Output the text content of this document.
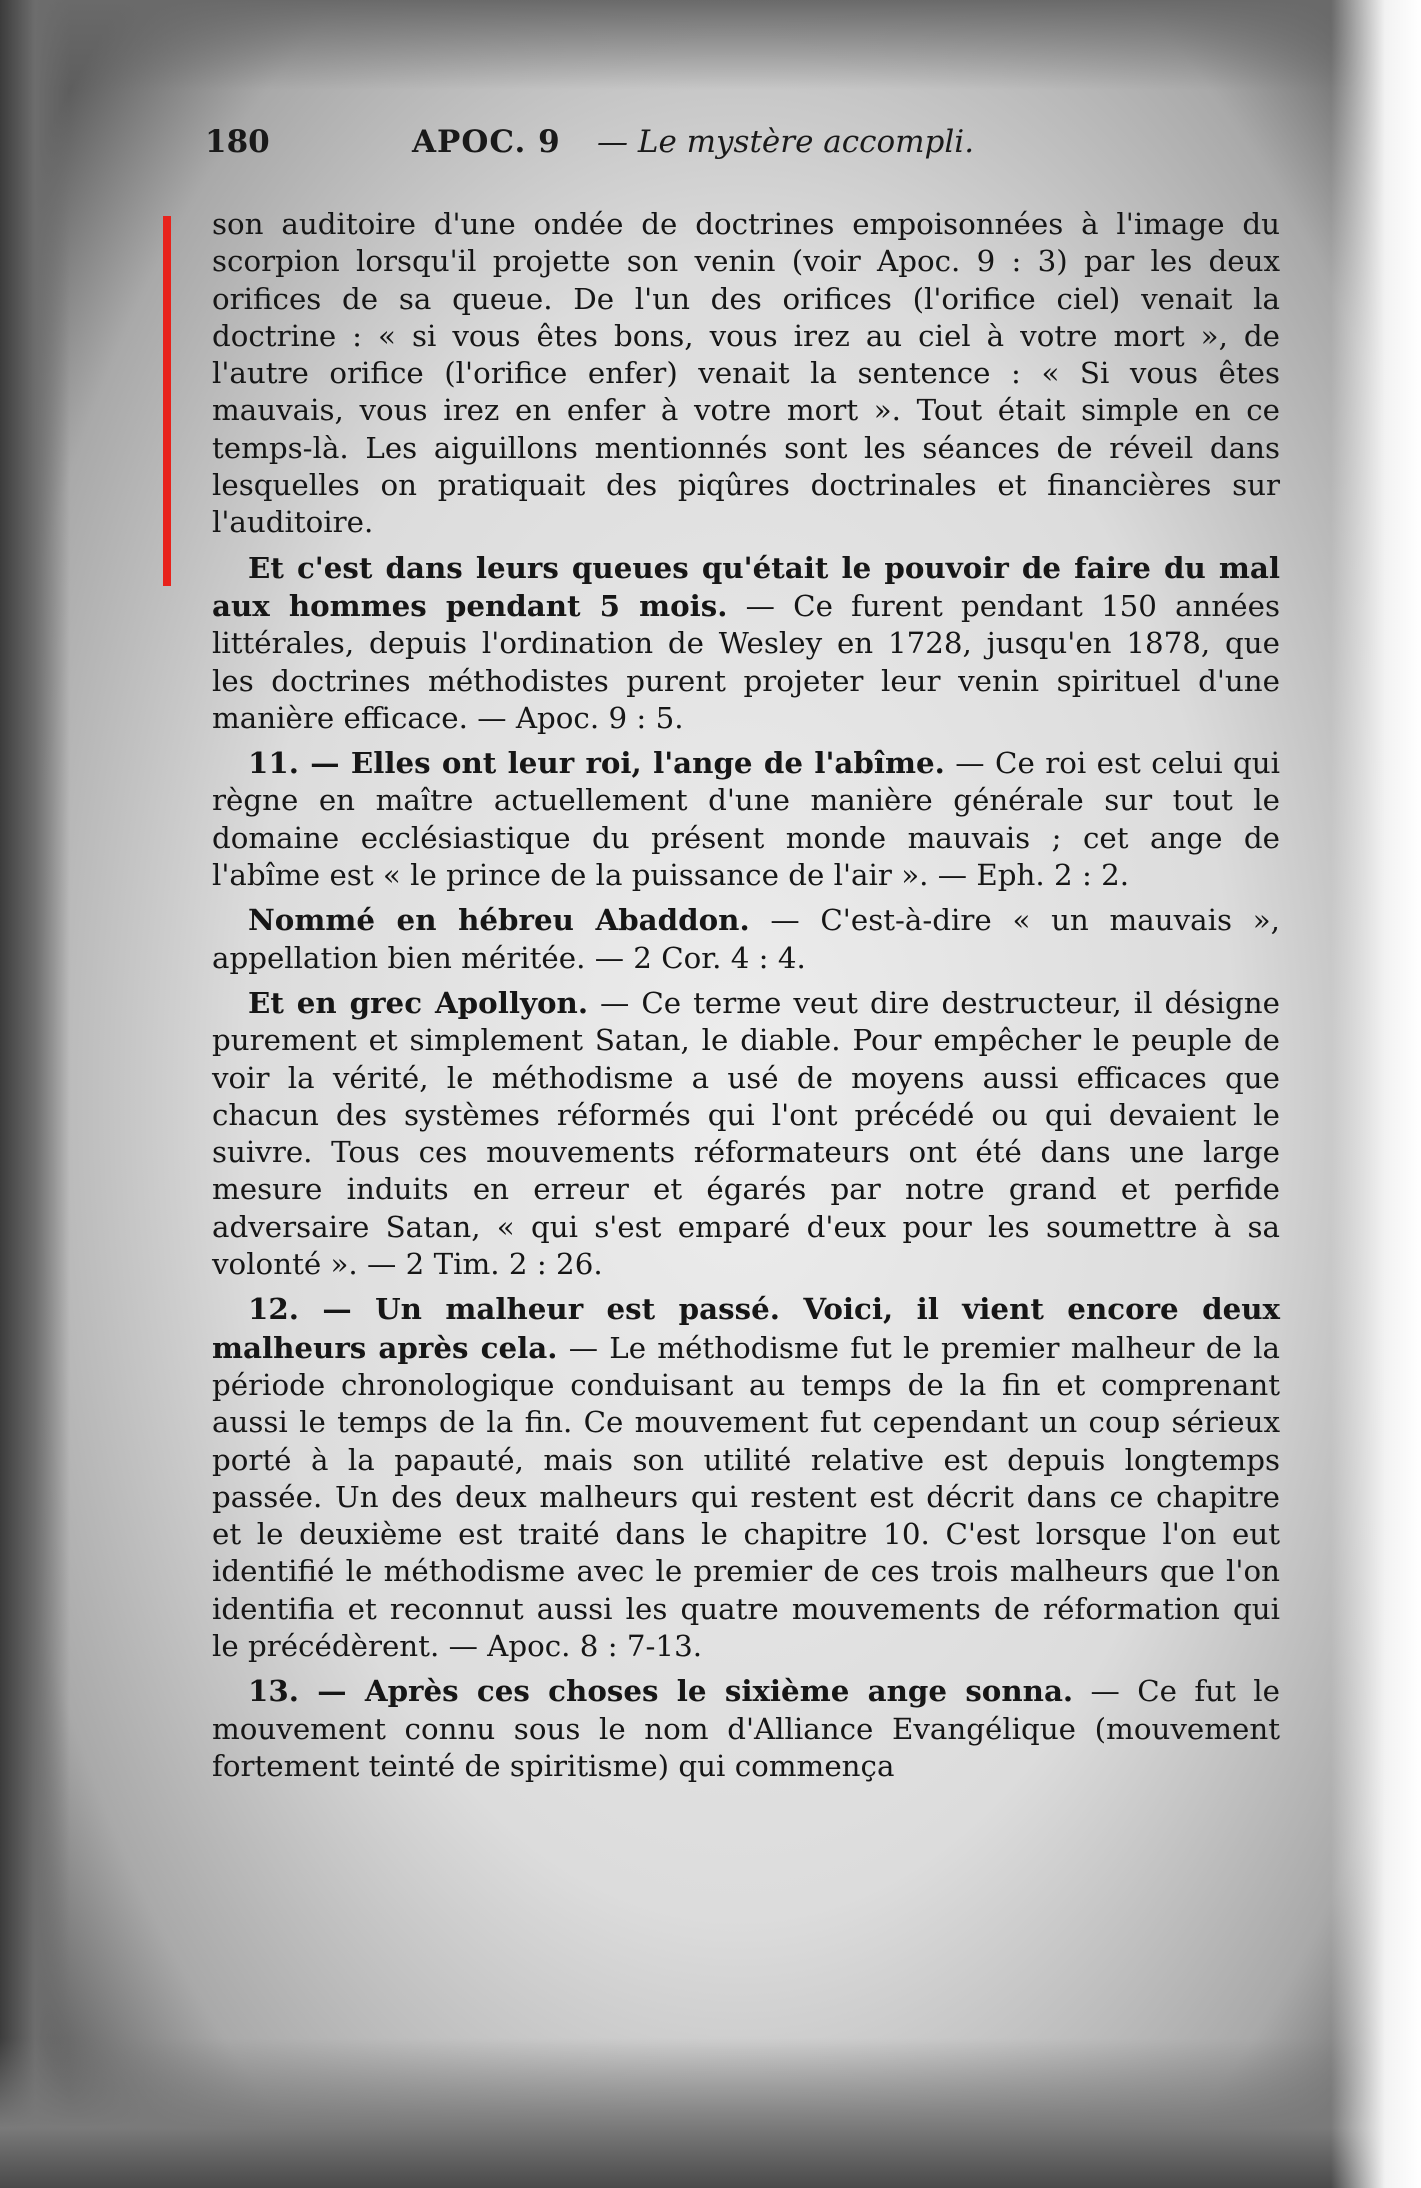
180	APOC. 9 — Le mystère accompli.

son auditoire d'une ondée de doctrines empoisonnées à l'image du scorpion lorsqu'il projette son venin (voir Apoc. 9 : 3) par les deux orifices de sa queue. De l'un des orifices (l'orifice ciel) venait la doctrine : « si vous êtes bons, vous irez au ciel à votre mort », de l'autre orifice (l'orifice enfer) venait la sentence : « Si vous êtes mauvais, vous irez en enfer à votre mort ». Tout était simple en ce temps-là. Les aiguillons mentionnés sont les séances de réveil dans lesquelles on pratiquait des piqûres doctrinales et financières sur l'auditoire.

Et c'est dans leurs queues qu'était le pouvoir de faire du mal aux hommes pendant 5 mois. — Ce furent pendant 150 années littérales, depuis l'ordination de Wesley en 1728, jusqu'en 1878, que les doctrines méthodistes purent projeter leur venin spirituel d'une manière efficace. — Apoc. 9 : 5.

11. — Elles ont leur roi, l'ange de l'abîme. — Ce roi est celui qui règne en maître actuellement d'une manière générale sur tout le domaine ecclésiastique du présent monde mauvais ; cet ange de l'abîme est « le prince de la puissance de l'air ». — Eph. 2 : 2.

Nommé en hébreu Abaddon. — C'est-à-dire « un mauvais », appellation bien méritée. — 2 Cor. 4 : 4.

Et en grec Apollyon. — Ce terme veut dire destructeur, il désigne purement et simplement Satan, le diable. Pour empêcher le peuple de voir la vérité, le méthodisme a usé de moyens aussi efficaces que chacun des systèmes réformés qui l'ont précédé ou qui devaient le suivre. Tous ces mouvements réformateurs ont été dans une large mesure induits en erreur et égarés par notre grand et perfide adversaire Satan, « qui s'est emparé d'eux pour les soumettre à sa volonté ». — 2 Tim. 2 : 26.

12. — Un malheur est passé. Voici, il vient encore deux malheurs après cela. — Le méthodisme fut le premier malheur de la période chronologique conduisant au temps de la fin et comprenant aussi le temps de la fin. Ce mouvement fut cependant un coup sérieux porté à la papauté, mais son utilité relative est depuis longtemps passée. Un des deux malheurs qui restent est décrit dans ce chapitre et le deuxième est traité dans le chapitre 10. C'est lorsque l'on eut identifié le méthodisme avec le premier de ces trois malheurs que l'on identifia et reconnut aussi les quatre mouvements de réformation qui le précédèrent. — Apoc. 8 : 7-13.

13. — Après ces choses le sixième ange sonna. — Ce fut le mouvement connu sous le nom d'Alliance Evangélique (mouvement fortement teinté de spiritisme) qui commença
